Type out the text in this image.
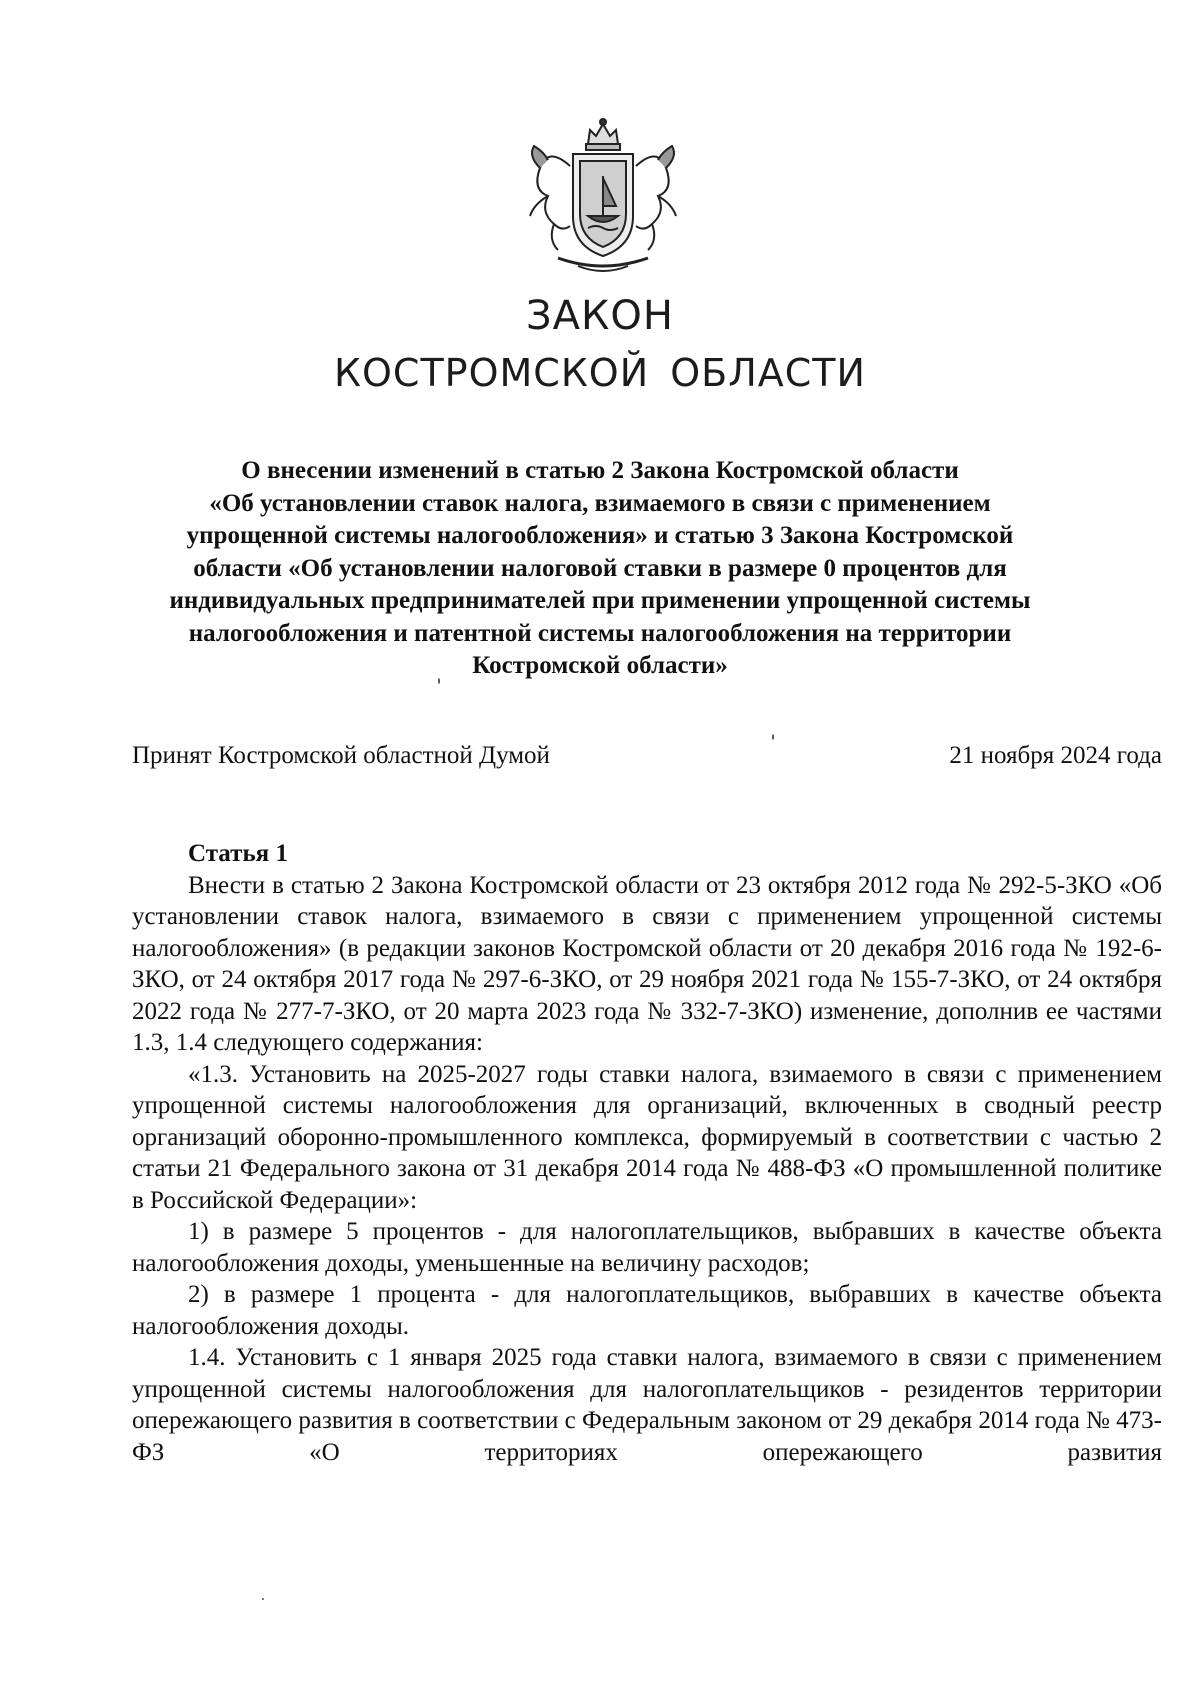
ЗАКОН
КОСТРОМСКОЙ ОБЛАСТИ
О внесении изменений в статью 2 Закона Костромской области
«Об установлении ставок налога, взимаемого в связи с применением
упрощенной системы налогообложения» и статью 3 Закона Костромской
области «Об установлении налоговой ставки в размере 0 процентов для
индивидуальных предпринимателей при применении упрощенной системы
налогообложения и патентной системы налогообложения на территории
Костромской области»
Принят Костромской областной Думой	21 ноября 2024 года

Статья 1

Внести в статью 2 Закона Костромской области от 23 октября 2012 года № 292-5-ЗКО «Об установлении ставок налога, взимаемого в связи с применением упрощенной системы налогообложения» (в редакции законов Костромской области от 20 декабря 2016 года № 192-6-ЗКО, от 24 октября 2017 года № 297-6-ЗКО, от 29 ноября 2021 года № 155-7-ЗКО, от 24 октября 2022 года № 277-7-ЗКО, от 20 марта 2023 года № 332-7-ЗКО) изменение, дополнив ее частями 1.3, 1.4 следующего содержания:

«1.3. Установить на 2025-2027 годы ставки налога, взимаемого в связи с применением упрощенной системы налогообложения для организаций, включенных в сводный реестр организаций оборонно-промышленного комплекса, формируемый в соответствии с частью 2 статьи 21 Федерального закона от 31 декабря 2014 года № 488-ФЗ «О промышленной политике в Российской Федерации»:

1) в размере 5 процентов - для налогоплательщиков, выбравших в качестве объекта налогообложения доходы, уменьшенные на величину расходов;

2) в размере 1 процента - для налогоплательщиков, выбравших в качестве объекта налогообложения доходы.

1.4. Установить с 1 января 2025 года ставки налога, взимаемого в связи с применением упрощенной системы налогообложения для налогоплательщиков - резидентов территории опережающего развития в соответствии с Федеральным законом от 29 декабря 2014 года № 473-ФЗ «О территориях опережающего развития
